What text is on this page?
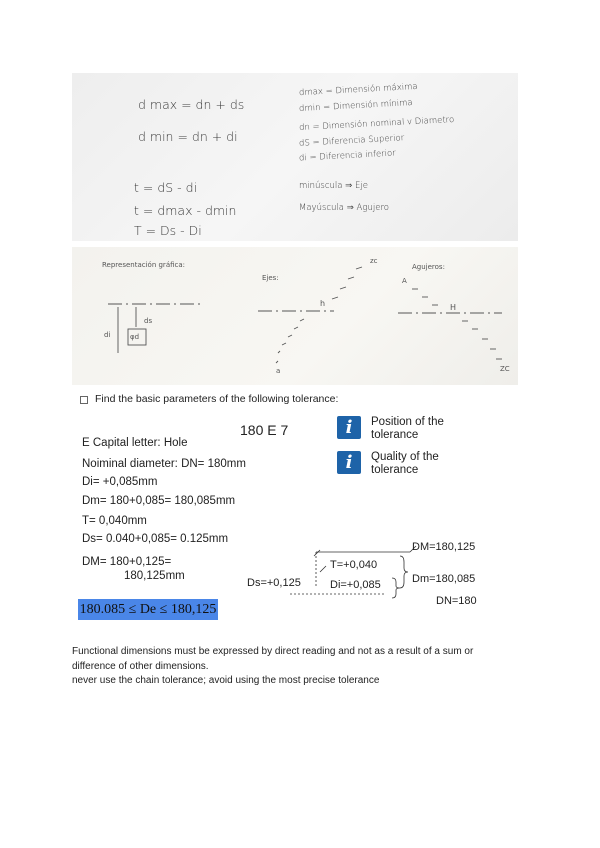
d max = dn + ds
d min = dn + di
t = dS - di
t = dmax - dmin
T = Ds - Di
dmax = Dimensión máxima
dmin = Dimensión mínima
dn = Dimensión nominal v Diametro
dS = Diferencia Superior
di = Diferencia inferior
minúscula ⇒ Eje
Mayúscula ⇒ Agujero
Representación gráfica:
Ejes:
Agujeros:
ds
di	φd
h	H
a
A
zc
ZC
Find the basic parameters of the following tolerance:
180 E 7	i	Position of the
tolerance
i	Quality of the
tolerance
E Capital letter: Hole
Noiminal diameter: DN= 180mm
Di= +0,085mm
Dm= 180+0,085= 180,085mm
T= 0,040mm
Ds= 0.040+0,085= 0.125mm
DM= 180+0,125=
180,125mm
180.085 ≤ De ≤ 180,125
DM=180,125
T=+0,040
Ds=+0,125	Di=+0,085	Dm=180,085
DN=180
Functional dimensions must be expressed by direct reading and not as a result of a sum or
difference of other dimensions.
never use the chain tolerance; avoid using the most precise tolerance
